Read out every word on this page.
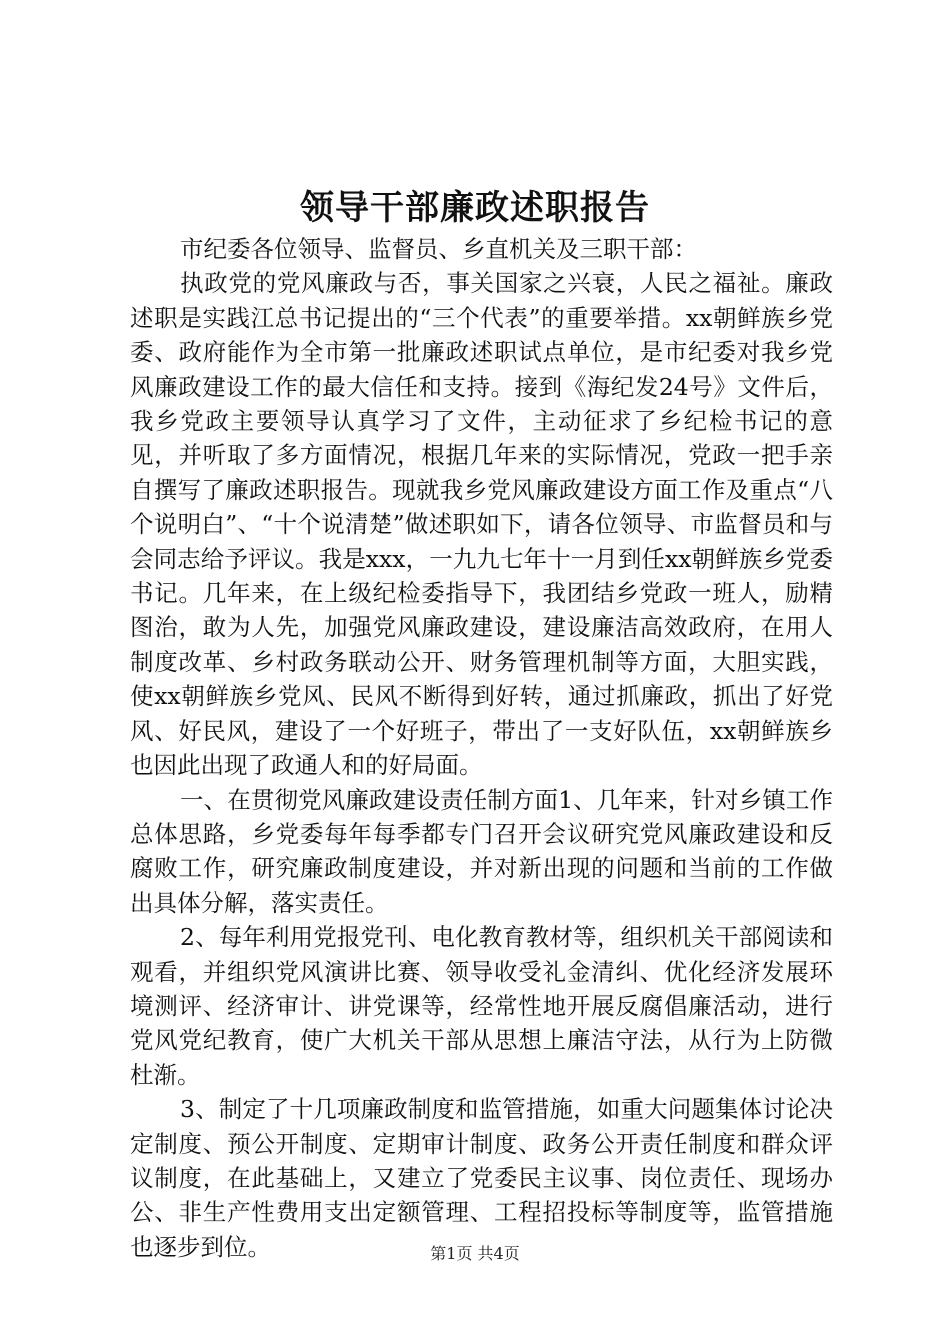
领导干部廉政述职报告

市纪委各位领导、监督员、乡直机关及三职干部：

执政党的党风廉政与否，事关国家之兴衰，人民之福祉。廉政述职是实践江总书记提出的“三个代表”的重要举措。xx朝鲜族乡党委、政府能作为全市第一批廉政述职试点单位，是市纪委对我乡党风廉政建设工作的最大信任和支持。接到《海纪发24号》文件后，我乡党政主要领导认真学习了文件，主动征求了乡纪检书记的意见，并听取了多方面情况，根据几年来的实际情况，党政一把手亲自撰写了廉政述职报告。现就我乡党风廉政建设方面工作及重点“八个说明白”、“十个说清楚”做述职如下，请各位领导、市监督员和与会同志给予评议。我是xxx，一九九七年十一月到任xx朝鲜族乡党委书记。几年来，在上级纪检委指导下，我团结乡党政一班人，励精图治，敢为人先，加强党风廉政建设，建设廉洁高效政府，在用人制度改革、乡村政务联动公开、财务管理机制等方面，大胆实践，使xx朝鲜族乡党风、民风不断得到好转，通过抓廉政，抓出了好党风、好民风，建设了一个好班子，带出了一支好队伍，xx朝鲜族乡也因此出现了政通人和的好局面。

一、在贯彻党风廉政建设责任制方面1、几年来，针对乡镇工作总体思路，乡党委每年每季都专门召开会议研究党风廉政建设和反腐败工作，研究廉政制度建设，并对新出现的问题和当前的工作做出具体分解，落实责任。

2、每年利用党报党刊、电化教育教材等，组织机关干部阅读和观看，并组织党风演讲比赛、领导收受礼金清纠、优化经济发展环境测评、经济审计、讲党课等，经常性地开展反腐倡廉活动，进行党风党纪教育，使广大机关干部从思想上廉洁守法，从行为上防微杜渐。

3、制定了十几项廉政制度和监管措施，如重大问题集体讨论决定制度、预公开制度、定期审计制度、政务公开责任制度和群众评议制度，在此基础上，又建立了党委民主议事、岗位责任、现场办公、非生产性费用支出定额管理、工程招投标等制度等，监管措施也逐步到位。	第1页 共4页
